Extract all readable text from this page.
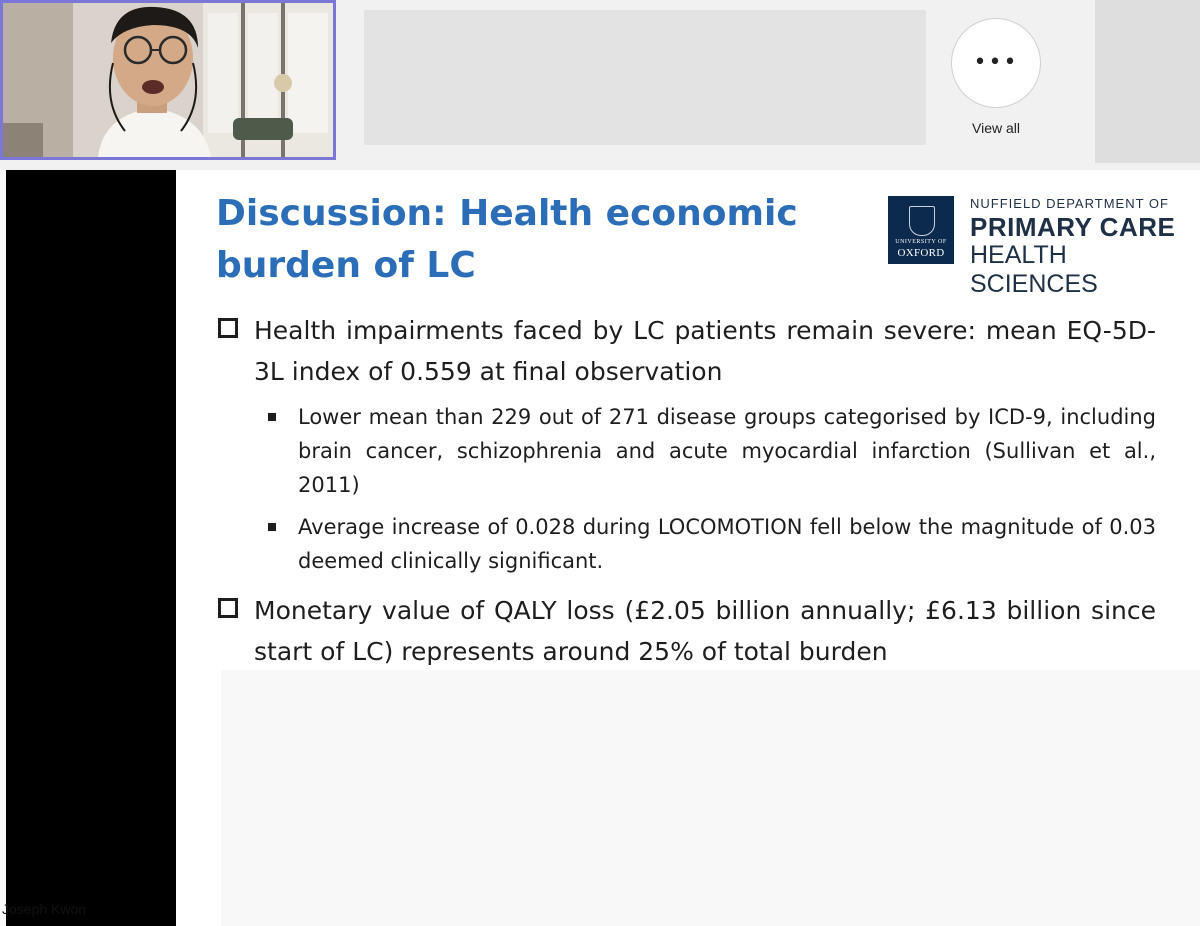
•••
View all
Joseph Kwon
Discussion: Health economic burden of LC
UNIVERSITY OF
OXFORD
NUFFIELD DEPARTMENT OF
PRIMARY CARE
HEALTH SCIENCES
Health impairments faced by LC patients remain severe: mean EQ-5D-3L index of 0.559 at final observation
Lower mean than 229 out of 271 disease groups categorised by ICD-9, including brain cancer, schizophrenia and acute myocardial infarction (Sullivan et al., 2011)
Average increase of 0.028 during LOCOMOTION fell below the magnitude of 0.03 deemed clinically significant.
Monetary value of QALY loss (£2.05 billion annually; £6.13 billion since start of LC) represents around 25% of total burden
